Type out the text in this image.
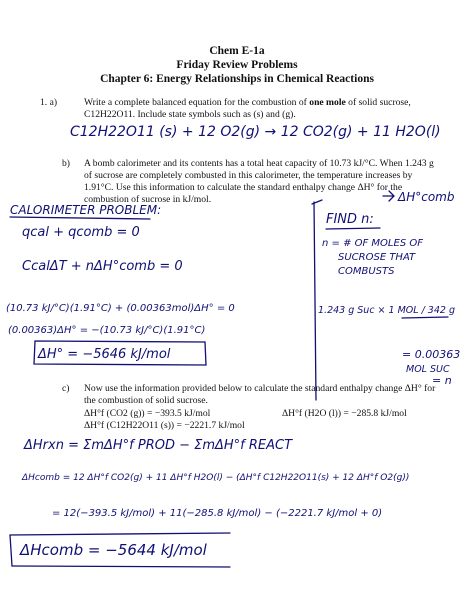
Chem E-1a
Friday Review Problems
Chapter 6: Energy Relationships in Chemical Reactions
1. a)	Write a complete balanced equation for the combustion of one mole of solid sucrose,
C12H22O11. Include state symbols such as (s) and (g).
C12H22O11 (s) + 12 O2(g) → 12 CO2(g) + 11 H2O(l)
b) A bomb calorimeter and its contents has a total heat capacity of 10.73 kJ/°C. When 1.243 g
of sucrose are completely combusted in this calorimeter, the temperature increases by
1.91°C. Use this information to calculate the standard enthalpy change ΔH° for the
combustion of sucrose in kJ/mol.	ΔH°comb
CALORIMETER PROBLEM:
qcal + qcomb = 0
CcalΔT + nΔH°comb = 0
(10.73 kJ/°C)(1.91°C) + (0.00363mol)ΔH° = 0
(0.00363)ΔH° = −(10.73 kJ/°C)(1.91°C)
ΔH° = −5646 kJ/mol
FIND n:
n = # OF MOLES OF
SUCROSE THAT
COMBUSTS
1.243 g Suc × 1 MOL / 342 g
= 0.00363
MOL SUC
= n
c) Now use the information provided below to calculate the standard enthalpy change ΔH° for
the combustion of solid sucrose.
ΔH°f (CO2 (g)) = −393.5 kJ/mol	ΔH°f (H2O (l)) = −285.8 kJ/mol
ΔH°f (C12H22O11 (s)) = −2221.7 kJ/mol
ΔHrxn = ΣmΔH°f PROD − ΣmΔH°f REACT
ΔHcomb = 12 ΔH°f CO2(g) + 11 ΔH°f H2O(l) − (ΔH°f C12H22O11(s) + 12 ΔH°f O2(g))
= 12(−393.5 kJ/mol) + 11(−285.8 kJ/mol) − (−2221.7 kJ/mol + 0)
ΔHcomb = −5644 kJ/mol
